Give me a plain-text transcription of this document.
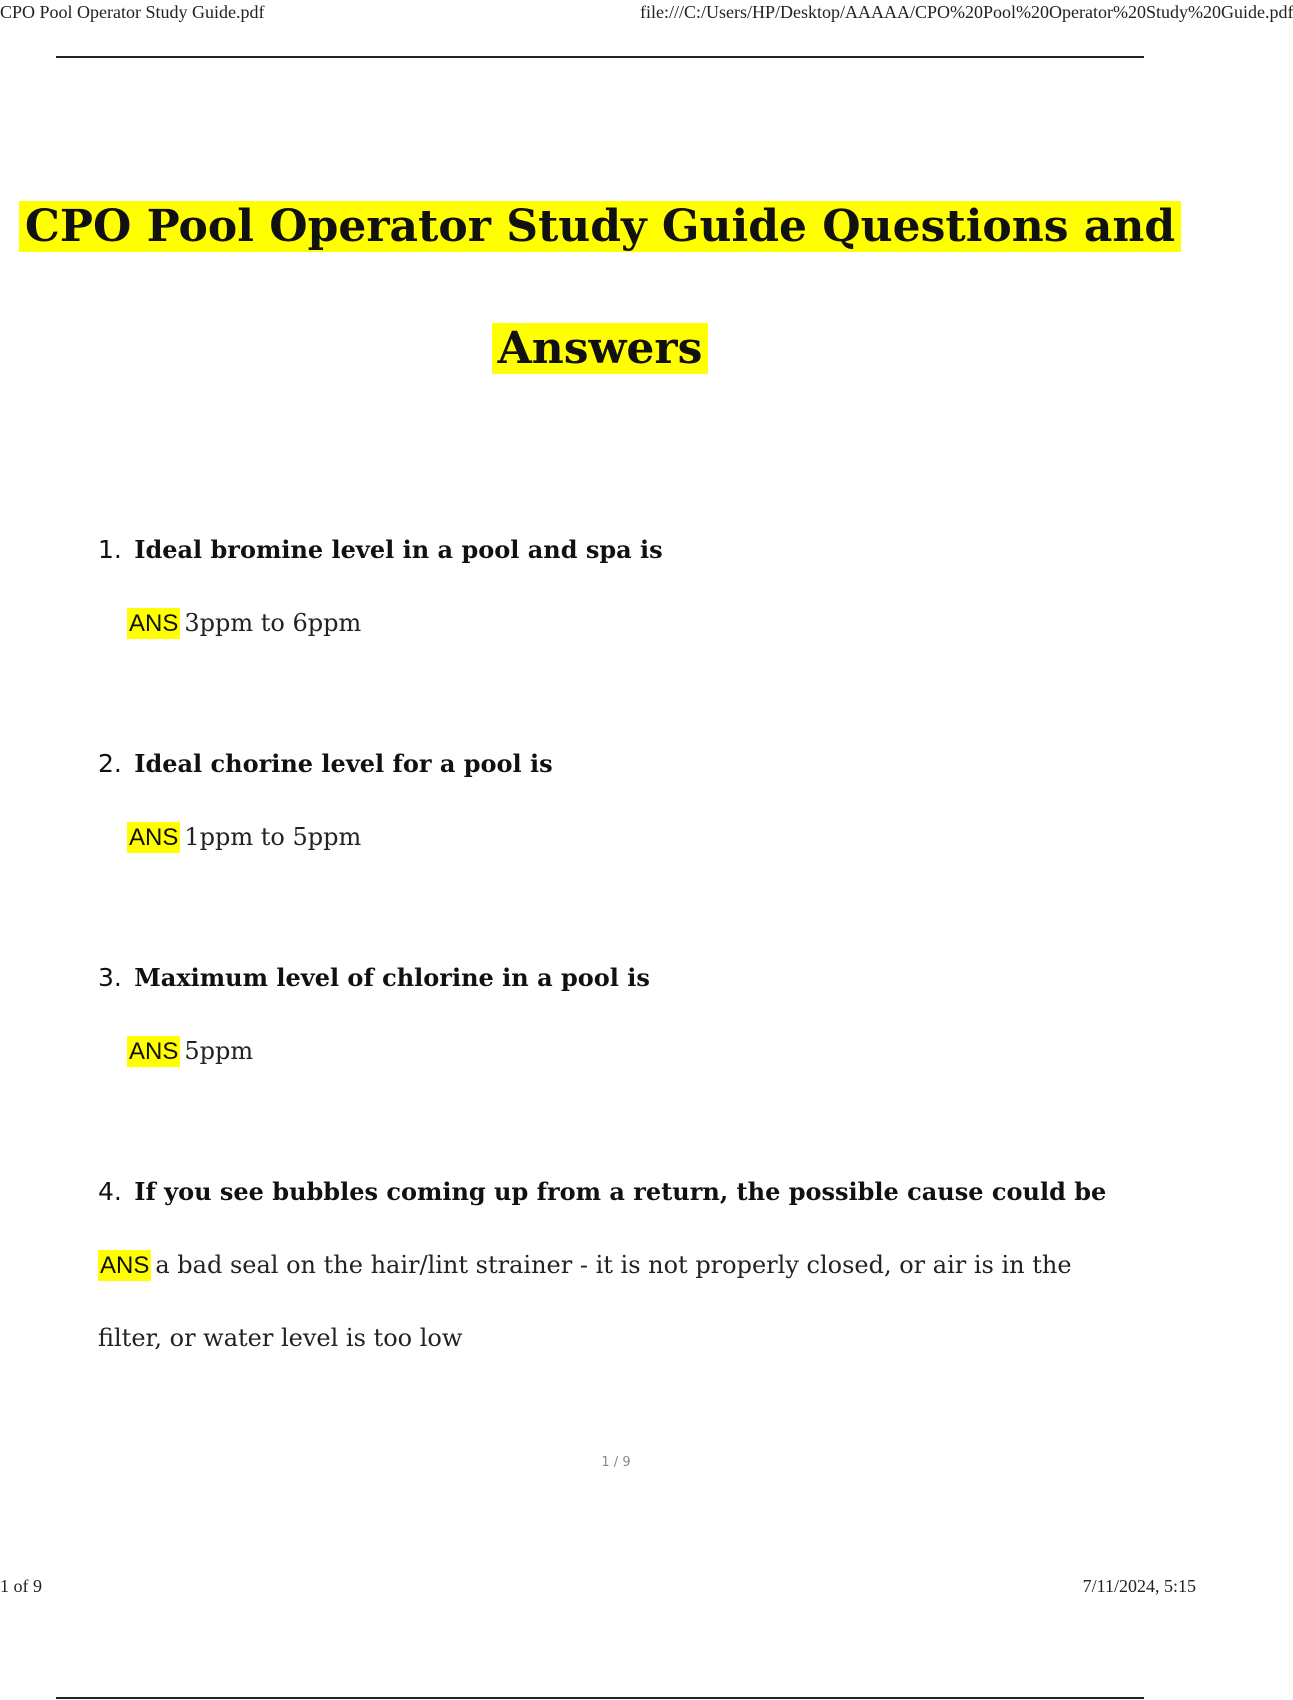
CPO Pool Operator Study Guide.pdf	file:///C:/Users/HP/Desktop/AAAAA/CPO%20Pool%20Operator%20Study%20Guide.pdf
CPO Pool Operator Study Guide Questions and
Answers
1. Ideal bromine level in a pool and spa is
ANS 3ppm to 6ppm
2. Ideal chorine level for a pool is
ANS 1ppm to 5ppm
3. Maximum level of chlorine in a pool is
ANS 5ppm
4. If you see bubbles coming up from a return, the possible cause could be
ANS a bad seal on the hair/lint strainer - it is not properly closed, or air is in the filter, or water level is too low
1 / 9
1 of 9	7/11/2024, 5:15
